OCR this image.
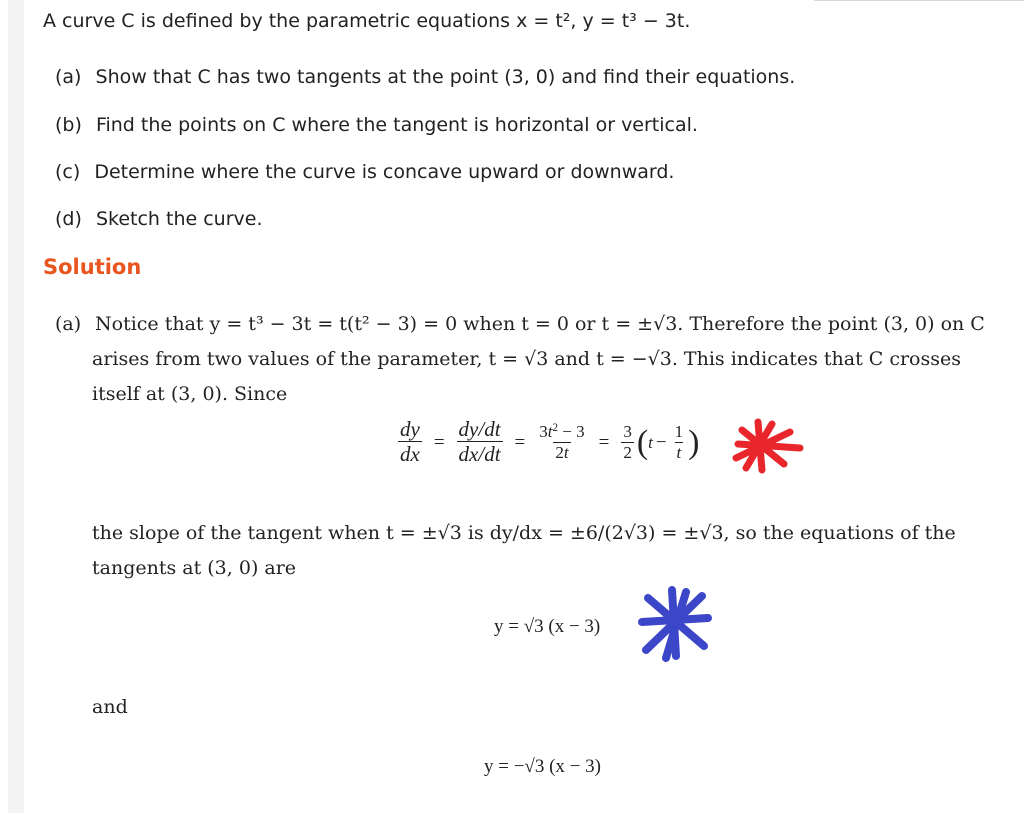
A curve C is defined by the parametric equations x = t², y = t³ − 3t.
(a) Show that C has two tangents at the point (3, 0) and find their equations.
(b) Find the points on C where the tangent is horizontal or vertical.
(c) Determine where the curve is concave upward or downward.
(d) Sketch the curve.
Solution
(a) Notice that y = t³ − 3t = t(t² − 3) = 0 when t = 0 or t = ±√3. Therefore the point (3, 0) on C
arises from two values of the parameter, t = √3 and t = −√3. This indicates that C crosses
itself at (3, 0). Since
$\frac{dy}{dx} = \frac{dy/dt}{dx/dt} = \frac{3t^2 - 3}{2t} = \frac{3}{2}$ ( $t - \frac{1}{t}$ )
the slope of the tangent when t = ±√3 is dy/dx = ±6/(2√3) = ±√3, so the equations of the
tangents at (3, 0) are
y = √3 (x − 3)
and
y = −√3 (x − 3)
